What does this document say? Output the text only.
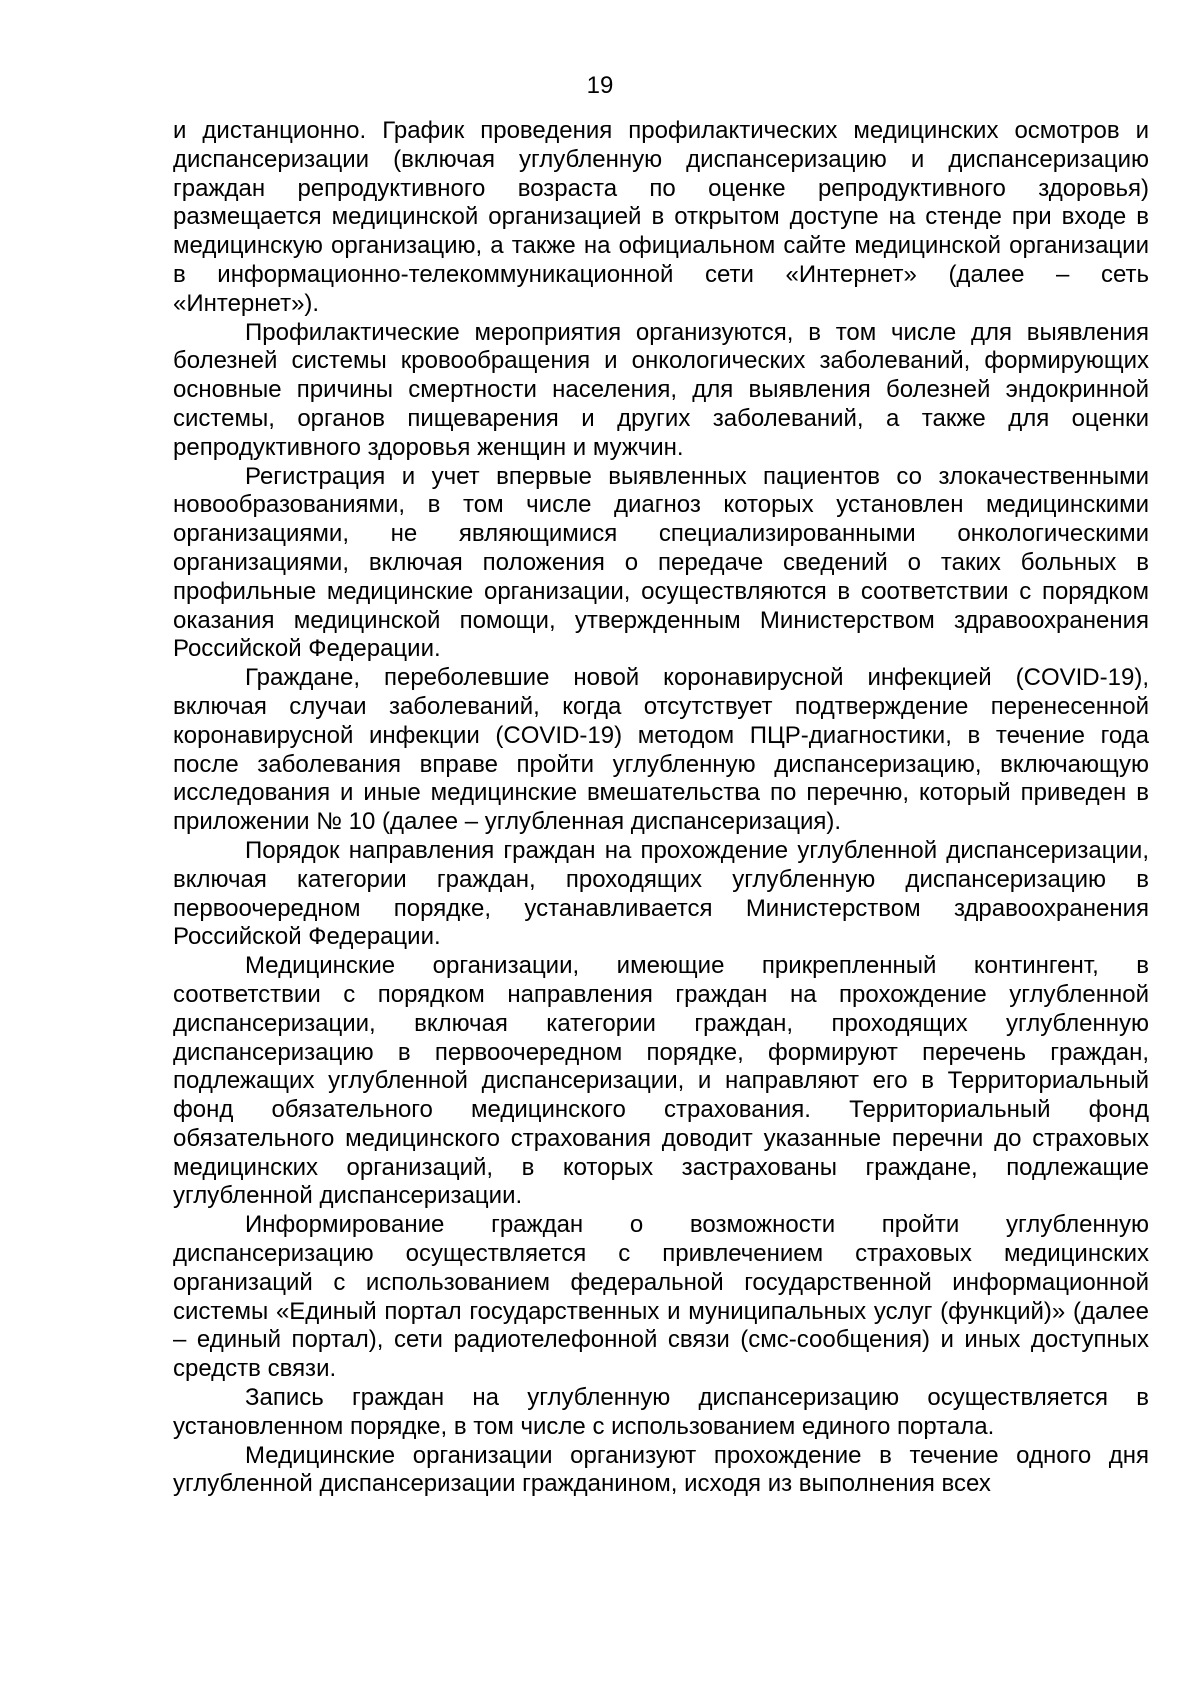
19

и дистанционно. График проведения профилактических медицинских осмотров и диспансеризации (включая углубленную диспансеризацию и диспансеризацию граждан репродуктивного возраста по оценке репродуктивного здоровья) размещается медицинской организацией в открытом доступе на стенде при входе в медицинскую организацию, а также на официальном сайте медицинской организации в информационно-телекоммуникационной сети «Интернет» (далее – сеть «Интернет»).

Профилактические мероприятия организуются, в том числе для выявления болезней системы кровообращения и онкологических заболеваний, формирующих основные причины смертности населения, для выявления болезней эндокринной системы, органов пищеварения и других заболеваний, а также для оценки репродуктивного здоровья женщин и мужчин.

Регистрация и учет впервые выявленных пациентов со злокачественными новообразованиями, в том числе диагноз которых установлен медицинскими организациями, не являющимися специализированными онкологическими организациями, включая положения о передаче сведений о таких больных в профильные медицинские организации, осуществляются в соответствии с порядком оказания медицинской помощи, утвержденным Министерством здравоохранения Российской Федерации.

Граждане, переболевшие новой коронавирусной инфекцией (COVID-19), включая случаи заболеваний, когда отсутствует подтверждение перенесенной коронавирусной инфекции (COVID-19) методом ПЦР-диагностики, в течение года после заболевания вправе пройти углубленную диспансеризацию, включающую исследования и иные медицинские вмешательства по перечню, который приведен в приложении № 10 (далее – углубленная диспансеризация).

Порядок направления граждан на прохождение углубленной диспансеризации, включая категории граждан, проходящих углубленную диспансеризацию в первоочередном порядке, устанавливается Министерством здравоохранения Российской Федерации.

Медицинские организации, имеющие прикрепленный контингент, в соответствии с порядком направления граждан на прохождение углубленной диспансеризации, включая категории граждан, проходящих углубленную диспансеризацию в первоочередном порядке, формируют перечень граждан, подлежащих углубленной диспансеризации, и направляют его в Территориальный фонд обязательного медицинского страхования. Территориальный фонд обязательного медицинского страхования доводит указанные перечни до страховых медицинских организаций, в которых застрахованы граждане, подлежащие углубленной диспансеризации.

Информирование граждан о возможности пройти углубленную диспансеризацию осуществляется с привлечением страховых медицинских организаций с использованием федеральной государственной информационной системы «Единый портал государственных и муниципальных услуг (функций)» (далее – единый портал), сети радиотелефонной связи (смс-сообщения) и иных доступных средств связи.

Запись граждан на углубленную диспансеризацию осуществляется в установленном порядке, в том числе с использованием единого портала.

Медицинские организации организуют прохождение в течение одного дня углубленной диспансеризации гражданином, исходя из выполнения всех
